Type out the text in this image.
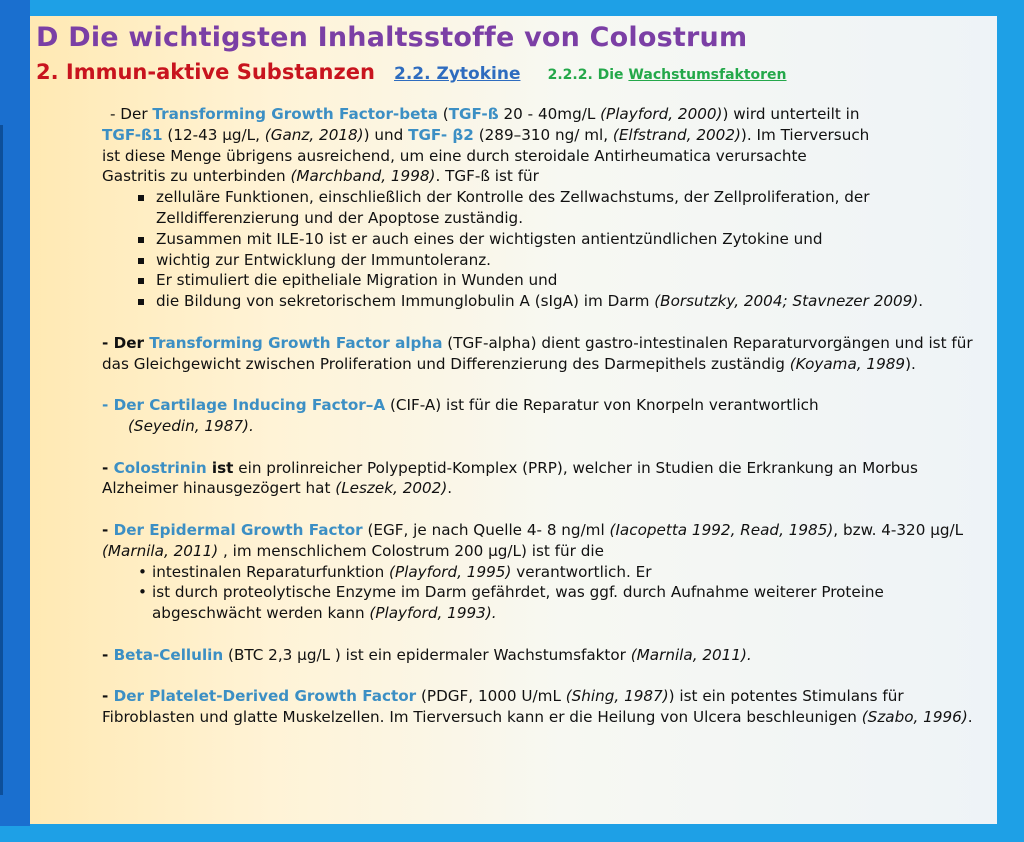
D Die wichtigsten Inhaltsstoffe von Colostrum
2. Immun-aktive Substanzen 2.2. Zytokine 2.2.2. Die Wachstumsfaktoren

- Der Transforming Growth Factor-beta (TGF-ß 20 - 40mg/L (Playford, 2000)) wird unterteilt in

TGF-ß1 (12-43 µg/L, (Ganz, 2018)) und TGF- β2 (289–310 ng/ ml, (Elfstrand, 2002)). Im Tierversuch

ist diese Menge übrigens ausreichend, um eine durch steroidale Antirheumatica verursachte

Gastritis zu unterbinden (Marchband, 1998). TGF-ß ist für

zelluläre Funktionen, einschließlich der Kontrolle des Zellwachstums, der Zellproliferation, der Zelldifferenzierung und der Apoptose zuständig.
Zusammen mit ILE-10 ist er auch eines der wichtigsten antientzündlichen Zytokine und
wichtig zur Entwicklung der Immuntoleranz.
Er stimuliert die epitheliale Migration in Wunden und
die Bildung von sekretorischem Immunglobulin A (sIgA) im Darm (Borsutzky, 2004; Stavnezer 2009).

- Der Transforming Growth Factor alpha (TGF-alpha) dient gastro-intestinalen Reparaturvorgängen und ist für das Gleichgewicht zwischen Proliferation und Differenzierung des Darmepithels zuständig (Koyama, 1989).

- Der Cartilage Inducing Factor–A (CIF-A) ist für die Reparatur von Knorpeln verantwortlich

(Seyedin, 1987).

- Colostrinin ist ein prolinreicher Polypeptid-Komplex (PRP), welcher in Studien die Erkrankung an Morbus Alzheimer hinausgezögert hat (Leszek, 2002).

- Der Epidermal Growth Factor (EGF, je nach Quelle 4- 8 ng/ml (Iacopetta 1992, Read, 1985), bzw. 4-320 µg/L (Marnila, 2011) , im menschlichem Colostrum 200 µg/L) ist für die

• intestinalen Reparaturfunktion (Playford, 1995) verantwortlich. Er
• ist durch proteolytische Enzyme im Darm gefährdet, was ggf. durch Aufnahme weiterer Proteine abgeschwächt werden kann (Playford, 1993).

- Beta-Cellulin (BTC 2,3 µg/L ) ist ein epidermaler Wachstumsfaktor (Marnila, 2011).

- Der Platelet-Derived Growth Factor (PDGF, 1000 U/mL (Shing, 1987)) ist ein potentes Stimulans für Fibroblasten und glatte Muskelzellen. Im Tierversuch kann er die Heilung von Ulcera beschleunigen (Szabo, 1996).
